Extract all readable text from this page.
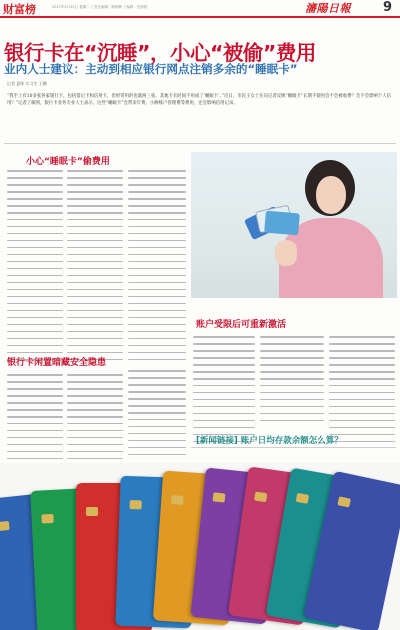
财富榜	2017年4月25日 星期二 │ 责任编辑：顾明辉 │ 编辑：沈婷婷	瀋陽日報 9
银行卡在“沉睡”，小心“被偷”费用
业内人士建议：主动到相应银行网点注销多余的“睡眠卡”
记者 夏晖 实习生 王鹏
“我手上有10多张各家银行卡，包括借记卡和信用卡，但经常用的也就两三张，其他卡长时间不用成了‘睡眠卡’。”近日，市民王女士在向记者反映“睡眠卡”长期不使用会不会被收费？会不会影响个人信用？”记者了解到，银行卡业务专业人士表示，这些“睡眠卡”会带来年费、小额账户管理费等费用，还会影响信用记录。
小心“睡眠卡”偷费用
银行卡闲置暗藏安全隐患
账户受限后可重新激活
[新闻链接] 账户日均存款余额怎么算？
